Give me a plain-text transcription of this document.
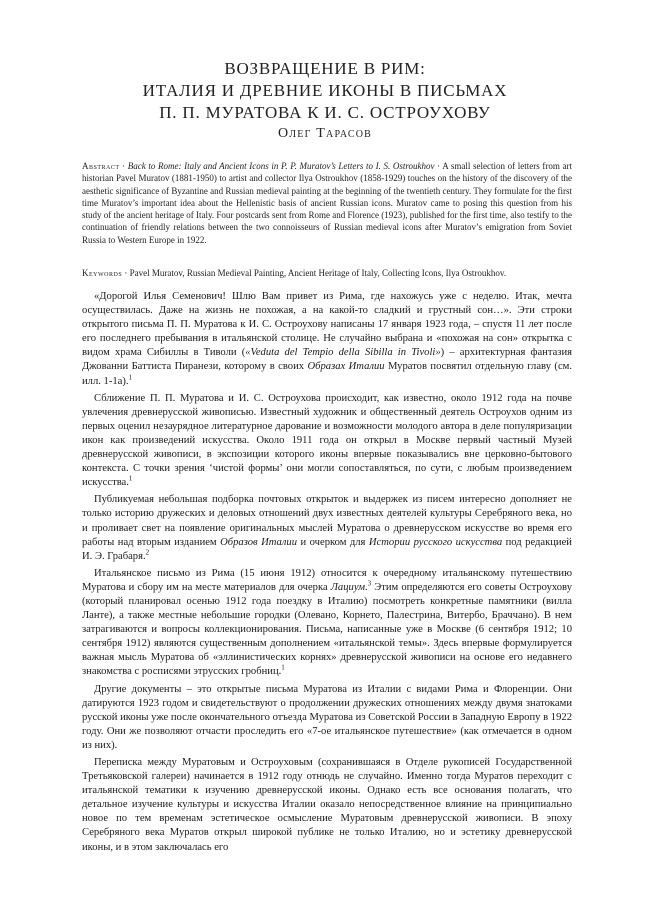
ВОЗВРАЩЕНИЕ В РИМ:
ИТАЛИЯ И ДРЕВНИЕ ИКОНЫ В ПИСЬМАХ
П. П. МУРАТОВА К И. С. ОСТРОУХОВУ
Олег Тарасов
Abstract · Back to Rome: Italy and Ancient Icons in P. P. Muratov’s Letters to I. S. Ostroukhov · A small selection of letters from art historian Pavel Muratov (1881-1950) to artist and collector Ilya Ostroukhov (1858-1929) touches on the history of the discovery of the aesthetic significance of Byzantine and Russian medieval painting at the beginning of the twentieth century. They formulate for the first time Muratov’s important idea about the Hellenistic basis of ancient Russian icons. Muratov came to posing this question from his study of the ancient heritage of Italy. Four postcards sent from Rome and Florence (1923), published for the first time, also testify to the continuation of friendly relations between the two connoisseurs of Russian medieval icons after Muratov’s emigration from Soviet Russia to Western Europe in 1922.
Keywords · Pavel Muratov, Russian Medieval Painting, Ancient Heritage of Italy, Collecting Icons, Ilya Ostroukhov.

«Дорогой Илья Семенович! Шлю Вам привет из Рима, где нахожусь уже с неделю. Итак, мечта осуществилась. Даже на жизнь не похожая, а на какой-то сладкий и грустный сон…». Эти строки открытого письма П. П. Муратова к И. С. Остроухову написаны 17 января 1923 года, – спустя 11 лет после его последнего пребывания в итальянской столице. Не случайно выбрана и «похожая на сон» открытка с видом храма Сибиллы в Тиволи («Veduta del Tempio della Sibilla in Tivoli») – архитектурная фантазия Джованни Баттиста Пиранези, которому в своих Образах Италии Муратов посвятил отдельную главу (см. илл. 1-1а).$^1$

Сближение П. П. Муратова и И. С. Остроухова происходит, как известно, около 1912 года на почве увлечения древнерусской живописью. Известный художник и общественный деятель Остроухов одним из первых оценил незаурядное литературное дарование и возможности молодого автора в деле популяризации икон как произведений искусства. Около 1911 года он открыл в Москве первый частный Музей древнерусской живописи, в экспозиции которого иконы впервые показывались вне церковно-бытового контекста. С точки зрения ‘чистой формы’ они могли сопоставляться, по сути, с любым произведением искусства.$^1$

Публикуемая небольшая подборка почтовых открыток и выдержек из писем интересно дополняет не только историю дружеских и деловых отношений двух известных деятелей культуры Серебряного века, но и проливает свет на появление оригинальных мыслей Муратова о древнерусском искусстве во время его работы над вторым изданием Образов Италии и очерком для Истории русского искусства под редакцией И. Э. Грабаря.$^2$

Итальянское письмо из Рима (15 июня 1912) относится к очередному итальянскому путешествию Муратова и сбору им на месте материалов для очерка Лациум.$^3$ Этим определяются его советы Остроухову (который планировал осенью 1912 года поездку в Италию) посмотреть конкретные памятники (вилла Ланте), а также местные небольшие городки (Олевано, Корнето, Палестрина, Витербо, Браччано). В нем затрагиваются и вопросы коллекционирования. Письма, написанные уже в Москве (6 сентября 1912; 10 сентября 1912) являются существенным дополнением «итальянской темы». Здесь впервые формулируется важная мысль Муратова об «эллинистических корнях» древнерусской живописи на основе его недавнего знакомства с росписями этрусских гробниц.$^1$

Другие документы – это открытые письма Муратова из Италии с видами Рима и Флоренции. Они датируются 1923 годом и свидетельствуют о продолжении дружеских отношениях между двумя знатоками русской иконы уже после окончательного отъезда Муратова из Советской России в Западную Европу в 1922 году. Они же позволяют отчасти проследить его «7-ое итальянское путешествие» (как отмечается в одном из них).

Переписка между Муратовым и Остроуховым (сохранившаяся в Отделе рукописей Государственной Третьяковской галереи) начинается в 1912 году отнюдь не случайно. Именно тогда Муратов переходит с итальянской тематики к изучению древнерусской иконы. Однако есть все основания полагать, что детальное изучение культуры и искусства Италии оказало непосредственное влияние на принципиально новое по тем временам эстетическое осмысление Муратовым древнерусской живописи. В эпоху Серебряного века Муратов открыл широкой публике не только Италию, но и эстетику древнерусской иконы, и в этом заключалась его
